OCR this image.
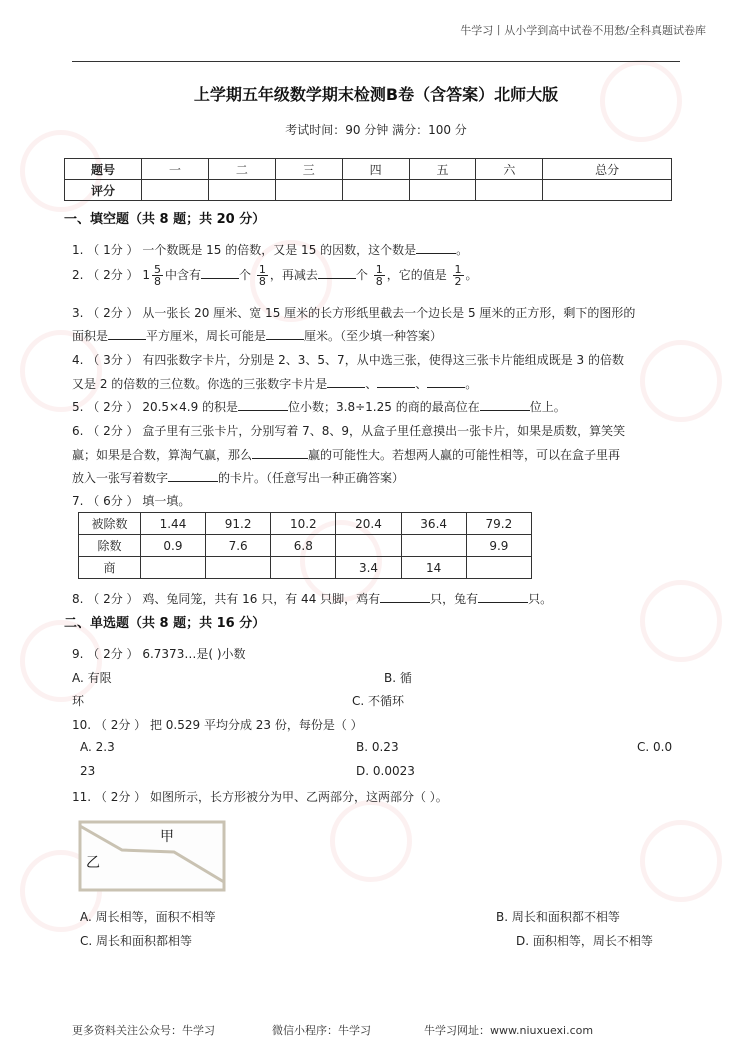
牛学习丨从小学到高中试卷不用愁/全科真题试卷库
上学期五年级数学期末检测B卷（含答案）北师大版
考试时间：90 分钟 满分：100 分
题号	一	二	三	四	五	六	总分
评分							
一、填空题（共 8 题；共 20 分）
1. （ 1分 ） 一个数既是 15 的倍数，又是 15 的因数，这个数是	。
2. （ 2分 ） $1 \frac{5}{8}$ 中含有	个 $\frac{1}{8}$ ，再减去	个 $\frac{1}{8}$ ，它的值是 $\frac{1}{2}$ 。
3. （ 2分 ） 从一张长 20 厘米、宽 15 厘米的长方形纸里截去一个边长是 5 厘米的正方形，剩下的图形的
面积是	平方厘米，周长可能是	厘米。（至少填一种答案）
4. （ 3分 ） 有四张数字卡片，分别是 2、3、5、7，从中选三张，使得这三张卡片能组成既是 3 的倍数
又是 2 的倍数的三位数。你选的三张数字卡片是	、	、	。
5. （ 2分 ） 20.5×4.9 的积是	位小数；3.8÷1.25 的商的最高位在	位上。
6. （ 2分 ） 盒子里有三张卡片，分别写着 7、8、9，从盒子里任意摸出一张卡片，如果是质数，算笑笑
赢；如果是合数，算淘气赢，那么	赢的可能性大。若想两人赢的可能性相等，可以在盒子里再
放入一张写着数字	的卡片。（任意写出一种正确答案）
7. （ 6分 ） 填一填。
被除数	1.44	91.2	10.2	20.4	36.4	79.2
除数	0.9	7.6	6.8			9.9
商				3.4	14	
8. （ 2分 ） 鸡、兔同笼，共有 16 只，有 44 只脚，鸡有	只，兔有	只。
二、单选题（共 8 题；共 16 分）
9. （ 2分 ） 6.7373…是( )小数
A. 有限	B. 循
环	C. 不循环
10. （ 2分 ） 把 0.529 平均分成 23 份，每份是（ ）
A. 2.3	B. 0.23	C. 0.0
23	D. 0.0023
11. （ 2分 ） 如图所示，长方形被分为甲、乙两部分，这两部分（ ）。
甲
乙
A. 周长相等，面积不相等	B. 周长和面积都不相等
C. 周长和面积都相等	D. 面积相等，周长不相等
更多资料关注公众号：牛学习	微信小程序：牛学习	牛学习网址：www.niuxuexi.com
